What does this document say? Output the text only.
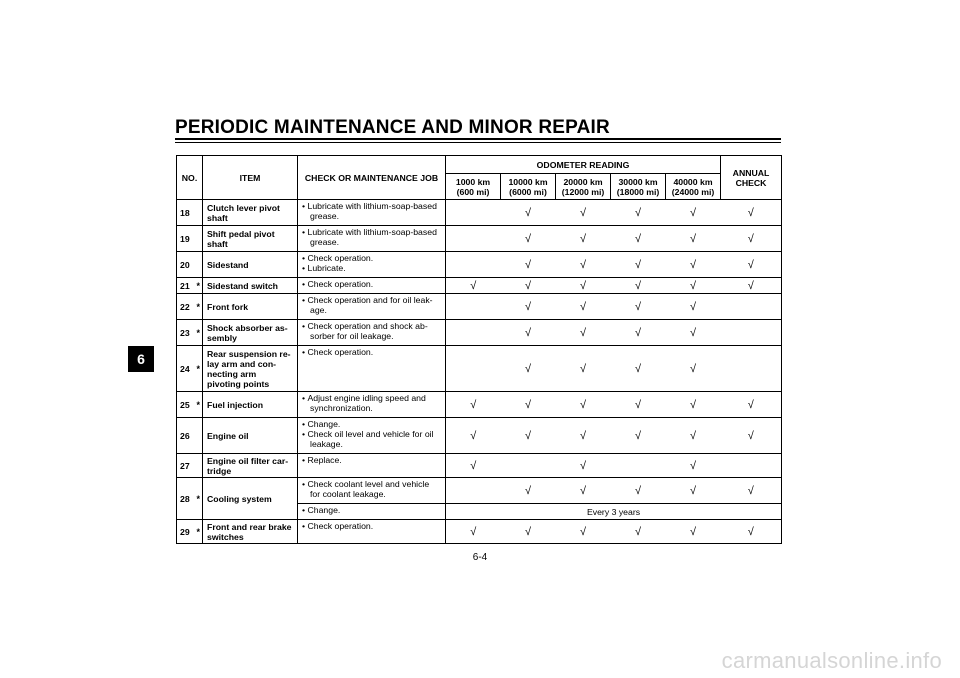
PERIODIC MAINTENANCE AND MINOR REPAIR
6
NO.		ITEM	CHECK OR MAINTENANCE JOB	ODOMETER READING					ANNUAL CHECK

				1000 km
(600 mi)	10000 km
(6000 mi)	20000 km
(12000 mi)	30000 km
(18000 mi)	40000 km
(24000 mi)	

18		Clutch lever pivot
shaft	• Lubricate with lithium-soap-based
grease.		√	√	√	√	√
19		Shift pedal pivot
shaft	• Lubricate with lithium-soap-based
grease.		√	√	√	√	√
20		Sidestand	• Check operation.
• Lubricate.		√	√	√	√	√
21	*	Sidestand switch	• Check operation.	√	√	√	√	√	√
22	*	Front fork	• Check operation and for oil leak-
age.		√	√	√	√	
23	*	Shock absorber as-
sembly	• Check operation and shock ab-
sorber for oil leakage.		√	√	√	√	
24	*	Rear suspension re-
lay arm and con-
necting arm
pivoting points	• Check operation.		√	√	√	√	
25	*	Fuel injection	• Adjust engine idling speed and
synchronization.	√	√	√	√	√	√
26		Engine oil	• Change.
• Check oil level and vehicle for oil
leakage.	√	√	√	√	√	√
27		Engine oil filter car-
tridge	• Replace.	√		√		√	
28	*	Cooling system	• Check coolant level and vehicle
for coolant leakage.		√	√	√	√	√

			• Change.	Every 3 years					
29	*	Front and rear brake
switches	• Check operation.	√	√	√	√	√	√
6-4
carmanualsonline.info
